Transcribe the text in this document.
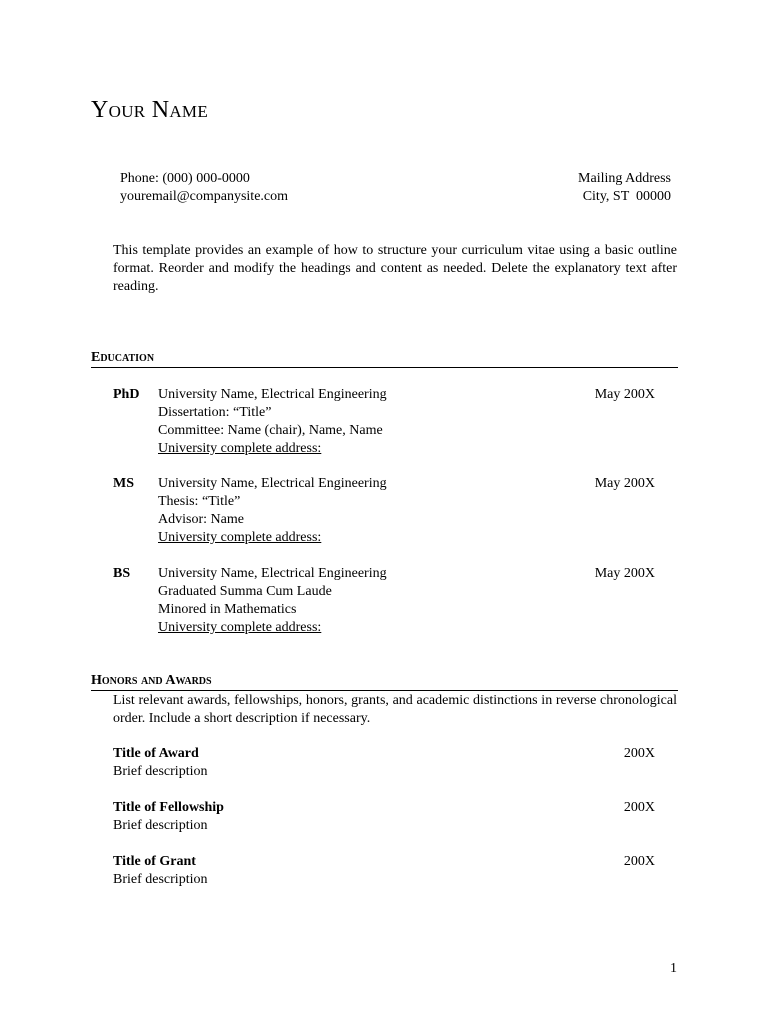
Your Name
Phone: (000) 000-0000
youremail@companysite.com
Mailing Address
City, ST  00000
This template provides an example of how to structure your curriculum vitae using a basic outline format. Reorder and modify the headings and content as needed. Delete the explanatory text after reading.
Education
PhD University Name, Electrical Engineering
Dissertation: “Title”
Committee: Name (chair), Name, Name
University complete address:
May 200X
MS University Name, Electrical Engineering
Thesis: “Title”
Advisor: Name
University complete address:
May 200X
BS University Name, Electrical Engineering
Graduated Summa Cum Laude
Minored in Mathematics
University complete address:
May 200X
Honors and Awards
List relevant awards, fellowships, honors, grants, and academic distinctions in reverse chronological order. Include a short description if necessary.
Title of Award
Brief description
200X
Title of Fellowship
Brief description
200X
Title of Grant
Brief description
200X
1
